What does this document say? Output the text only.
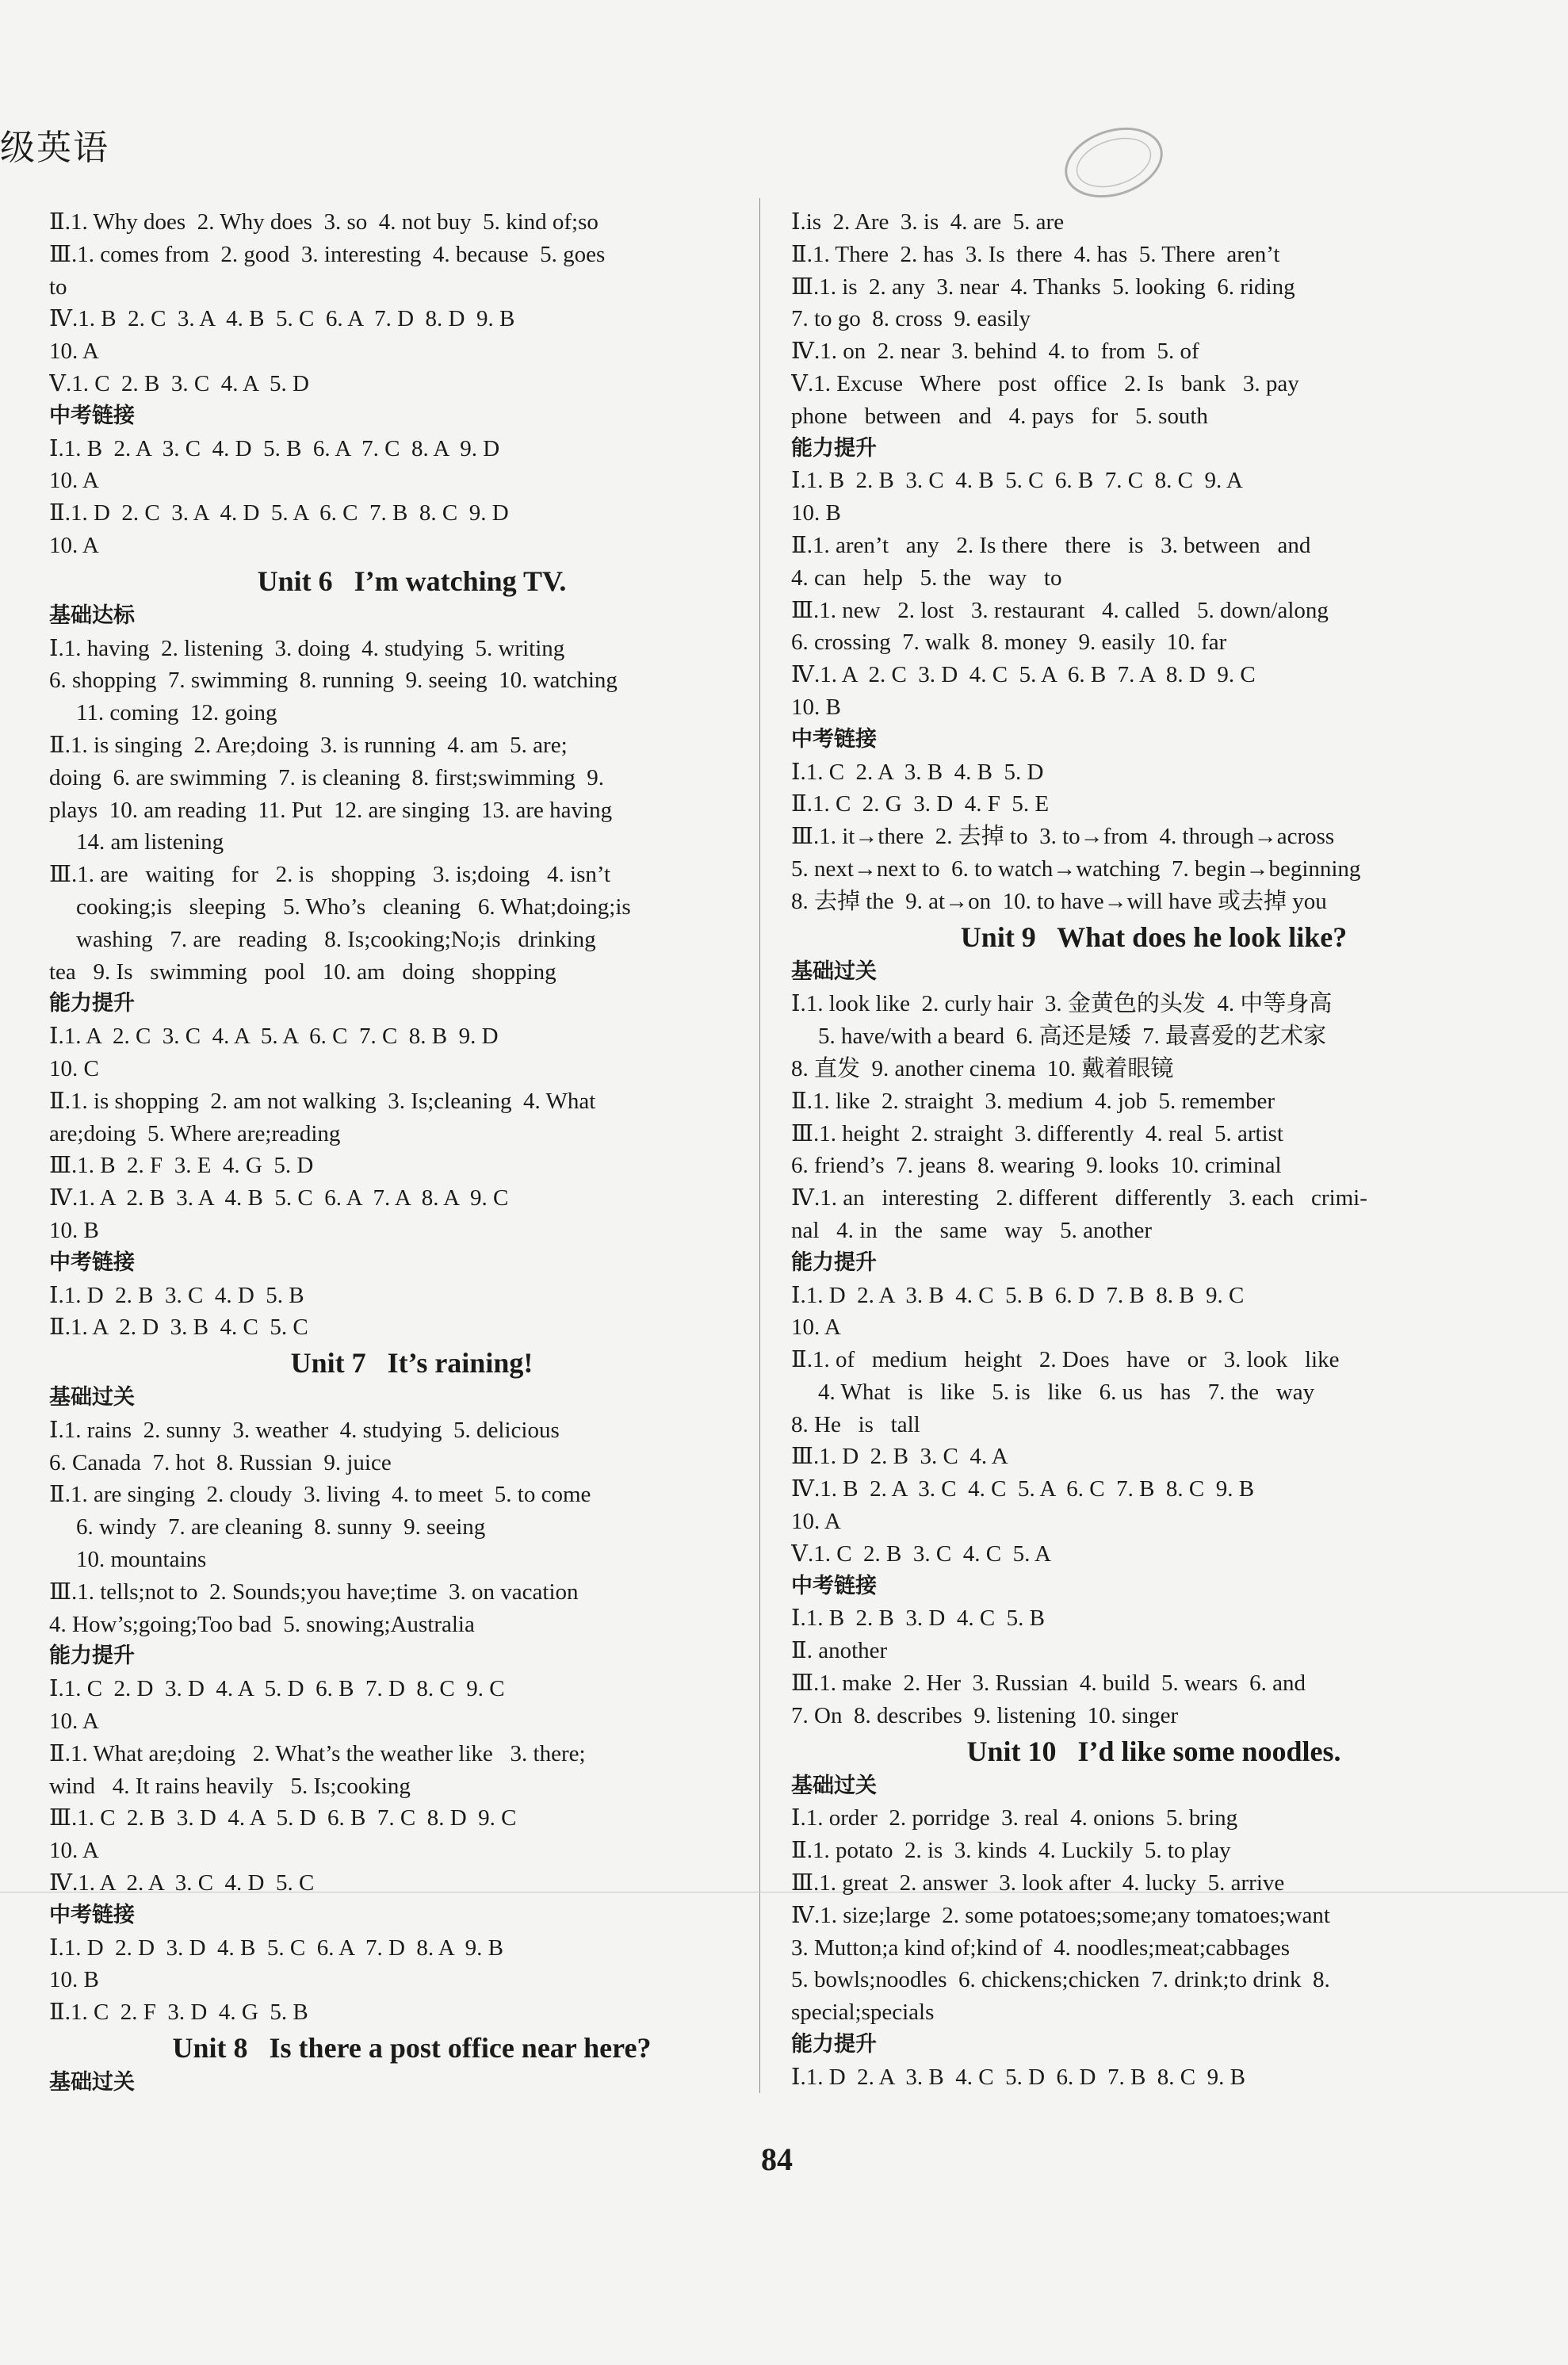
级英语
Ⅱ.1. Why does  2. Why does  3. so  4. not buy  5. kind of;so
Ⅲ.1. comes from  2. good  3. interesting  4. because  5. goes
to
Ⅳ.1. B  2. C  3. A  4. B  5. C  6. A  7. D  8. D  9. B
10. A
Ⅴ.1. C  2. B  3. C  4. A  5. D
中考链接
Ⅰ.1. B  2. A  3. C  4. D  5. B  6. A  7. C  8. A  9. D
10. A
Ⅱ.1. D  2. C  3. A  4. D  5. A  6. C  7. B  8. C  9. D
10. A
Unit 6   I’m watching TV.
基础达标
Ⅰ.1. having  2. listening  3. doing  4. studying  5. writing
6. shopping  7. swimming  8. running  9. seeing  10. watching
11. coming  12. going
Ⅱ.1. is singing  2. Are;doing  3. is running  4. am  5. are;
doing  6. are swimming  7. is cleaning  8. first;swimming  9.
plays  10. am reading  11. Put  12. are singing  13. are having
14. am listening
Ⅲ.1. are   waiting   for   2. is   shopping   3. is;doing   4. isn’t
cooking;is   sleeping   5. Who’s   cleaning   6. What;doing;is
washing   7. are   reading   8. Is;cooking;No;is   drinking
tea   9. Is   swimming   pool   10. am   doing   shopping
能力提升
Ⅰ.1. A  2. C  3. C  4. A  5. A  6. C  7. C  8. B  9. D
10. C
Ⅱ.1. is shopping  2. am not walking  3. Is;cleaning  4. What
are;doing  5. Where are;reading
Ⅲ.1. B  2. F  3. E  4. G  5. D
Ⅳ.1. A  2. B  3. A  4. B  5. C  6. A  7. A  8. A  9. C
10. B
中考链接
Ⅰ.1. D  2. B  3. C  4. D  5. B
Ⅱ.1. A  2. D  3. B  4. C  5. C
Unit 7   It’s raining!
基础过关
Ⅰ.1. rains  2. sunny  3. weather  4. studying  5. delicious
6. Canada  7. hot  8. Russian  9. juice
Ⅱ.1. are singing  2. cloudy  3. living  4. to meet  5. to come
6. windy  7. are cleaning  8. sunny  9. seeing
10. mountains
Ⅲ.1. tells;not to  2. Sounds;you have;time  3. on vacation
4. How’s;going;Too bad  5. snowing;Australia
能力提升
Ⅰ.1. C  2. D  3. D  4. A  5. D  6. B  7. D  8. C  9. C
10. A
Ⅱ.1. What are;doing   2. What’s the weather like   3. there;
wind   4. It rains heavily   5. Is;cooking
Ⅲ.1. C  2. B  3. D  4. A  5. D  6. B  7. C  8. D  9. C
10. A
Ⅳ.1. A  2. A  3. C  4. D  5. C
中考链接
Ⅰ.1. D  2. D  3. D  4. B  5. C  6. A  7. D  8. A  9. B
10. B
Ⅱ.1. C  2. F  3. D  4. G  5. B
Unit 8   Is there a post office near here?
基础过关
Ⅰ.is  2. Are  3. is  4. are  5. are
Ⅱ.1. There  2. has  3. Is  there  4. has  5. There  aren’t
Ⅲ.1. is  2. any  3. near  4. Thanks  5. looking  6. riding
7. to go  8. cross  9. easily
Ⅳ.1. on  2. near  3. behind  4. to  from  5. of
Ⅴ.1. Excuse   Where   post   office   2. Is   bank   3. pay
phone   between   and   4. pays   for   5. south
能力提升
Ⅰ.1. B  2. B  3. C  4. B  5. C  6. B  7. C  8. C  9. A
10. B
Ⅱ.1. aren’t   any   2. Is there   there   is   3. between   and
4. can   help   5. the   way   to
Ⅲ.1. new   2. lost   3. restaurant   4. called   5. down/along
6. crossing  7. walk  8. money  9. easily  10. far
Ⅳ.1. A  2. C  3. D  4. C  5. A  6. B  7. A  8. D  9. C
10. B
中考链接
Ⅰ.1. C  2. A  3. B  4. B  5. D
Ⅱ.1. C  2. G  3. D  4. F  5. E
Ⅲ.1. it→there  2. 去掉 to  3. to→from  4. through→across
5. next→next to  6. to watch→watching  7. begin→beginning
8. 去掉 the  9. at→on  10. to have→will have 或去掉 you
Unit 9   What does he look like?
基础过关
Ⅰ.1. look like  2. curly hair  3. 金黄色的头发  4. 中等身高
5. have/with a beard  6. 高还是矮  7. 最喜爱的艺术家
8. 直发  9. another cinema  10. 戴着眼镜
Ⅱ.1. like  2. straight  3. medium  4. job  5. remember
Ⅲ.1. height  2. straight  3. differently  4. real  5. artist
6. friend’s  7. jeans  8. wearing  9. looks  10. criminal
Ⅳ.1. an   interesting   2. different   differently   3. each   crimi-
nal   4. in   the   same   way   5. another
能力提升
Ⅰ.1. D  2. A  3. B  4. C  5. B  6. D  7. B  8. B  9. C
10. A
Ⅱ.1. of   medium   height   2. Does   have   or   3. look   like
4. What   is   like   5. is   like   6. us   has   7. the   way
8. He   is   tall
Ⅲ.1. D  2. B  3. C  4. A
Ⅳ.1. B  2. A  3. C  4. C  5. A  6. C  7. B  8. C  9. B
10. A
Ⅴ.1. C  2. B  3. C  4. C  5. A
中考链接
Ⅰ.1. B  2. B  3. D  4. C  5. B
Ⅱ. another
Ⅲ.1. make  2. Her  3. Russian  4. build  5. wears  6. and
7. On  8. describes  9. listening  10. singer
Unit 10   I’d like some noodles.
基础过关
Ⅰ.1. order  2. porridge  3. real  4. onions  5. bring
Ⅱ.1. potato  2. is  3. kinds  4. Luckily  5. to play
Ⅲ.1. great  2. answer  3. look after  4. lucky  5. arrive
Ⅳ.1. size;large  2. some potatoes;some;any tomatoes;want
3. Mutton;a kind of;kind of  4. noodles;meat;cabbages
5. bowls;noodles  6. chickens;chicken  7. drink;to drink  8.
special;specials
能力提升
Ⅰ.1. D  2. A  3. B  4. C  5. D  6. D  7. B  8. C  9. B
84
